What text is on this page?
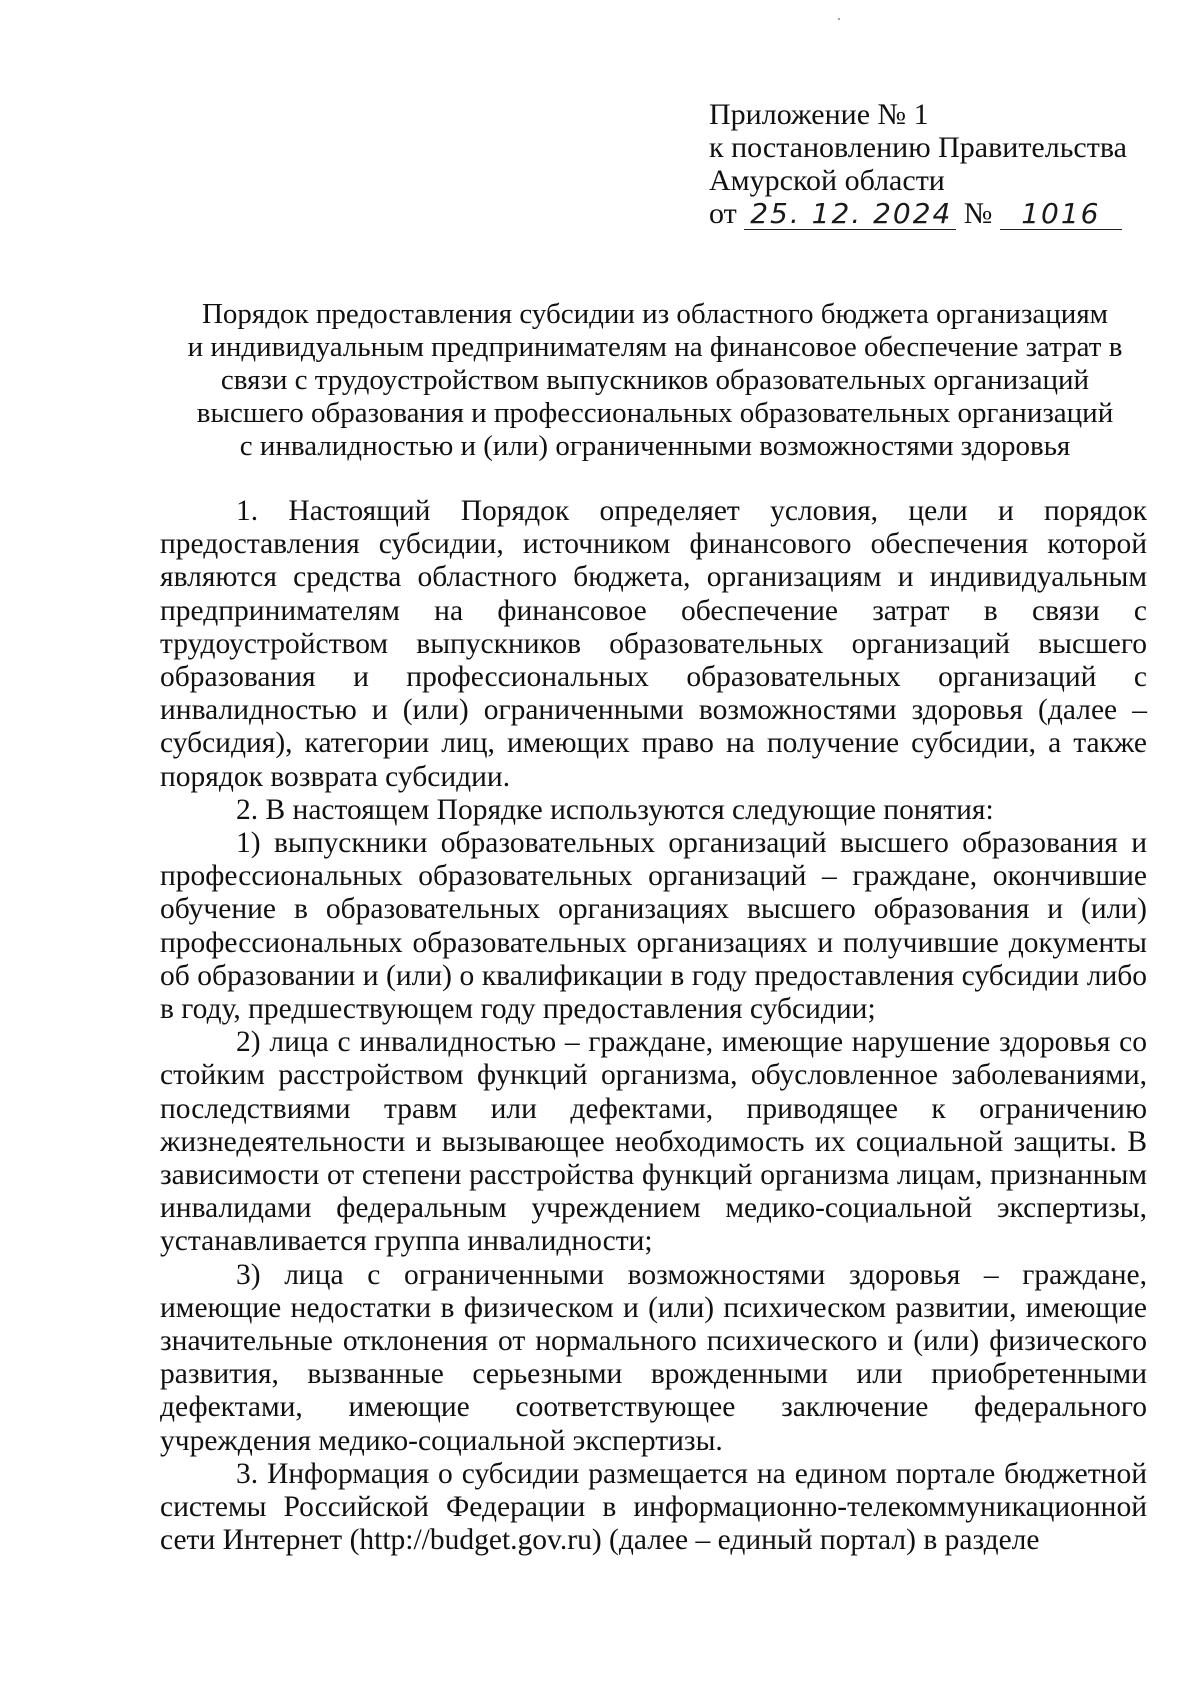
Приложение № 1
к постановлению Правительства
Амурской области
от 25. 12. 2024 № 1016
Порядок предоставления субсидии из областного бюджета организациям
и индивидуальным предпринимателям на финансовое обеспечение затрат в
связи с трудоустройством выпускников образовательных организаций
высшего образования и профессиональных образовательных организаций
с инвалидностью и (или) ограниченными возможностями здоровья

1. Настоящий Порядок определяет условия, цели и порядок предоставления субсидии, источником финансового обеспечения которой являются средства областного бюджета, организациям и индивидуальным предпринимателям на финансовое обеспечение затрат в связи с трудоустройством выпускников образовательных организаций высшего образования и профессиональных образовательных организаций с инвалидностью и (или) ограниченными возможностями здоровья (далее – субсидия), категории лиц, имеющих право на получение субсидии, а также порядок возврата субсидии.

2. В настоящем Порядке используются следующие понятия:

1) выпускники образовательных организаций высшего образования и профессиональных образовательных организаций – граждане, окончившие обучение в образовательных организациях высшего образования и (или) профессиональных образовательных организациях и получившие документы об образовании и (или) о квалификации в году предоставления субсидии либо в году, предшествующем году предоставления субсидии;

2) лица с инвалидностью – граждане, имеющие нарушение здоровья со стойким расстройством функций организма, обусловленное заболеваниями, последствиями травм или дефектами, приводящее к ограничению жизнедеятельности и вызывающее необходимость их социальной защиты. В зависимости от степени расстройства функций организма лицам, признанным инвалидами федеральным учреждением медико-социальной экспертизы, устанавливается группа инвалидности;

3) лица с ограниченными возможностями здоровья – граждане, имеющие недостатки в физическом и (или) психическом развитии, имеющие значительные отклонения от нормального психического и (или) физического развития, вызванные серьезными врожденными или приобретенными дефектами, имеющие соответствующее заключение федерального учреждения медико-социальной экспертизы.

3. Информация о субсидии размещается на едином портале бюджетной системы Российской Федерации в информационно-телекоммуникационной сети Интернет (http://budget.gov.ru) (далее – единый портал) в разделе
